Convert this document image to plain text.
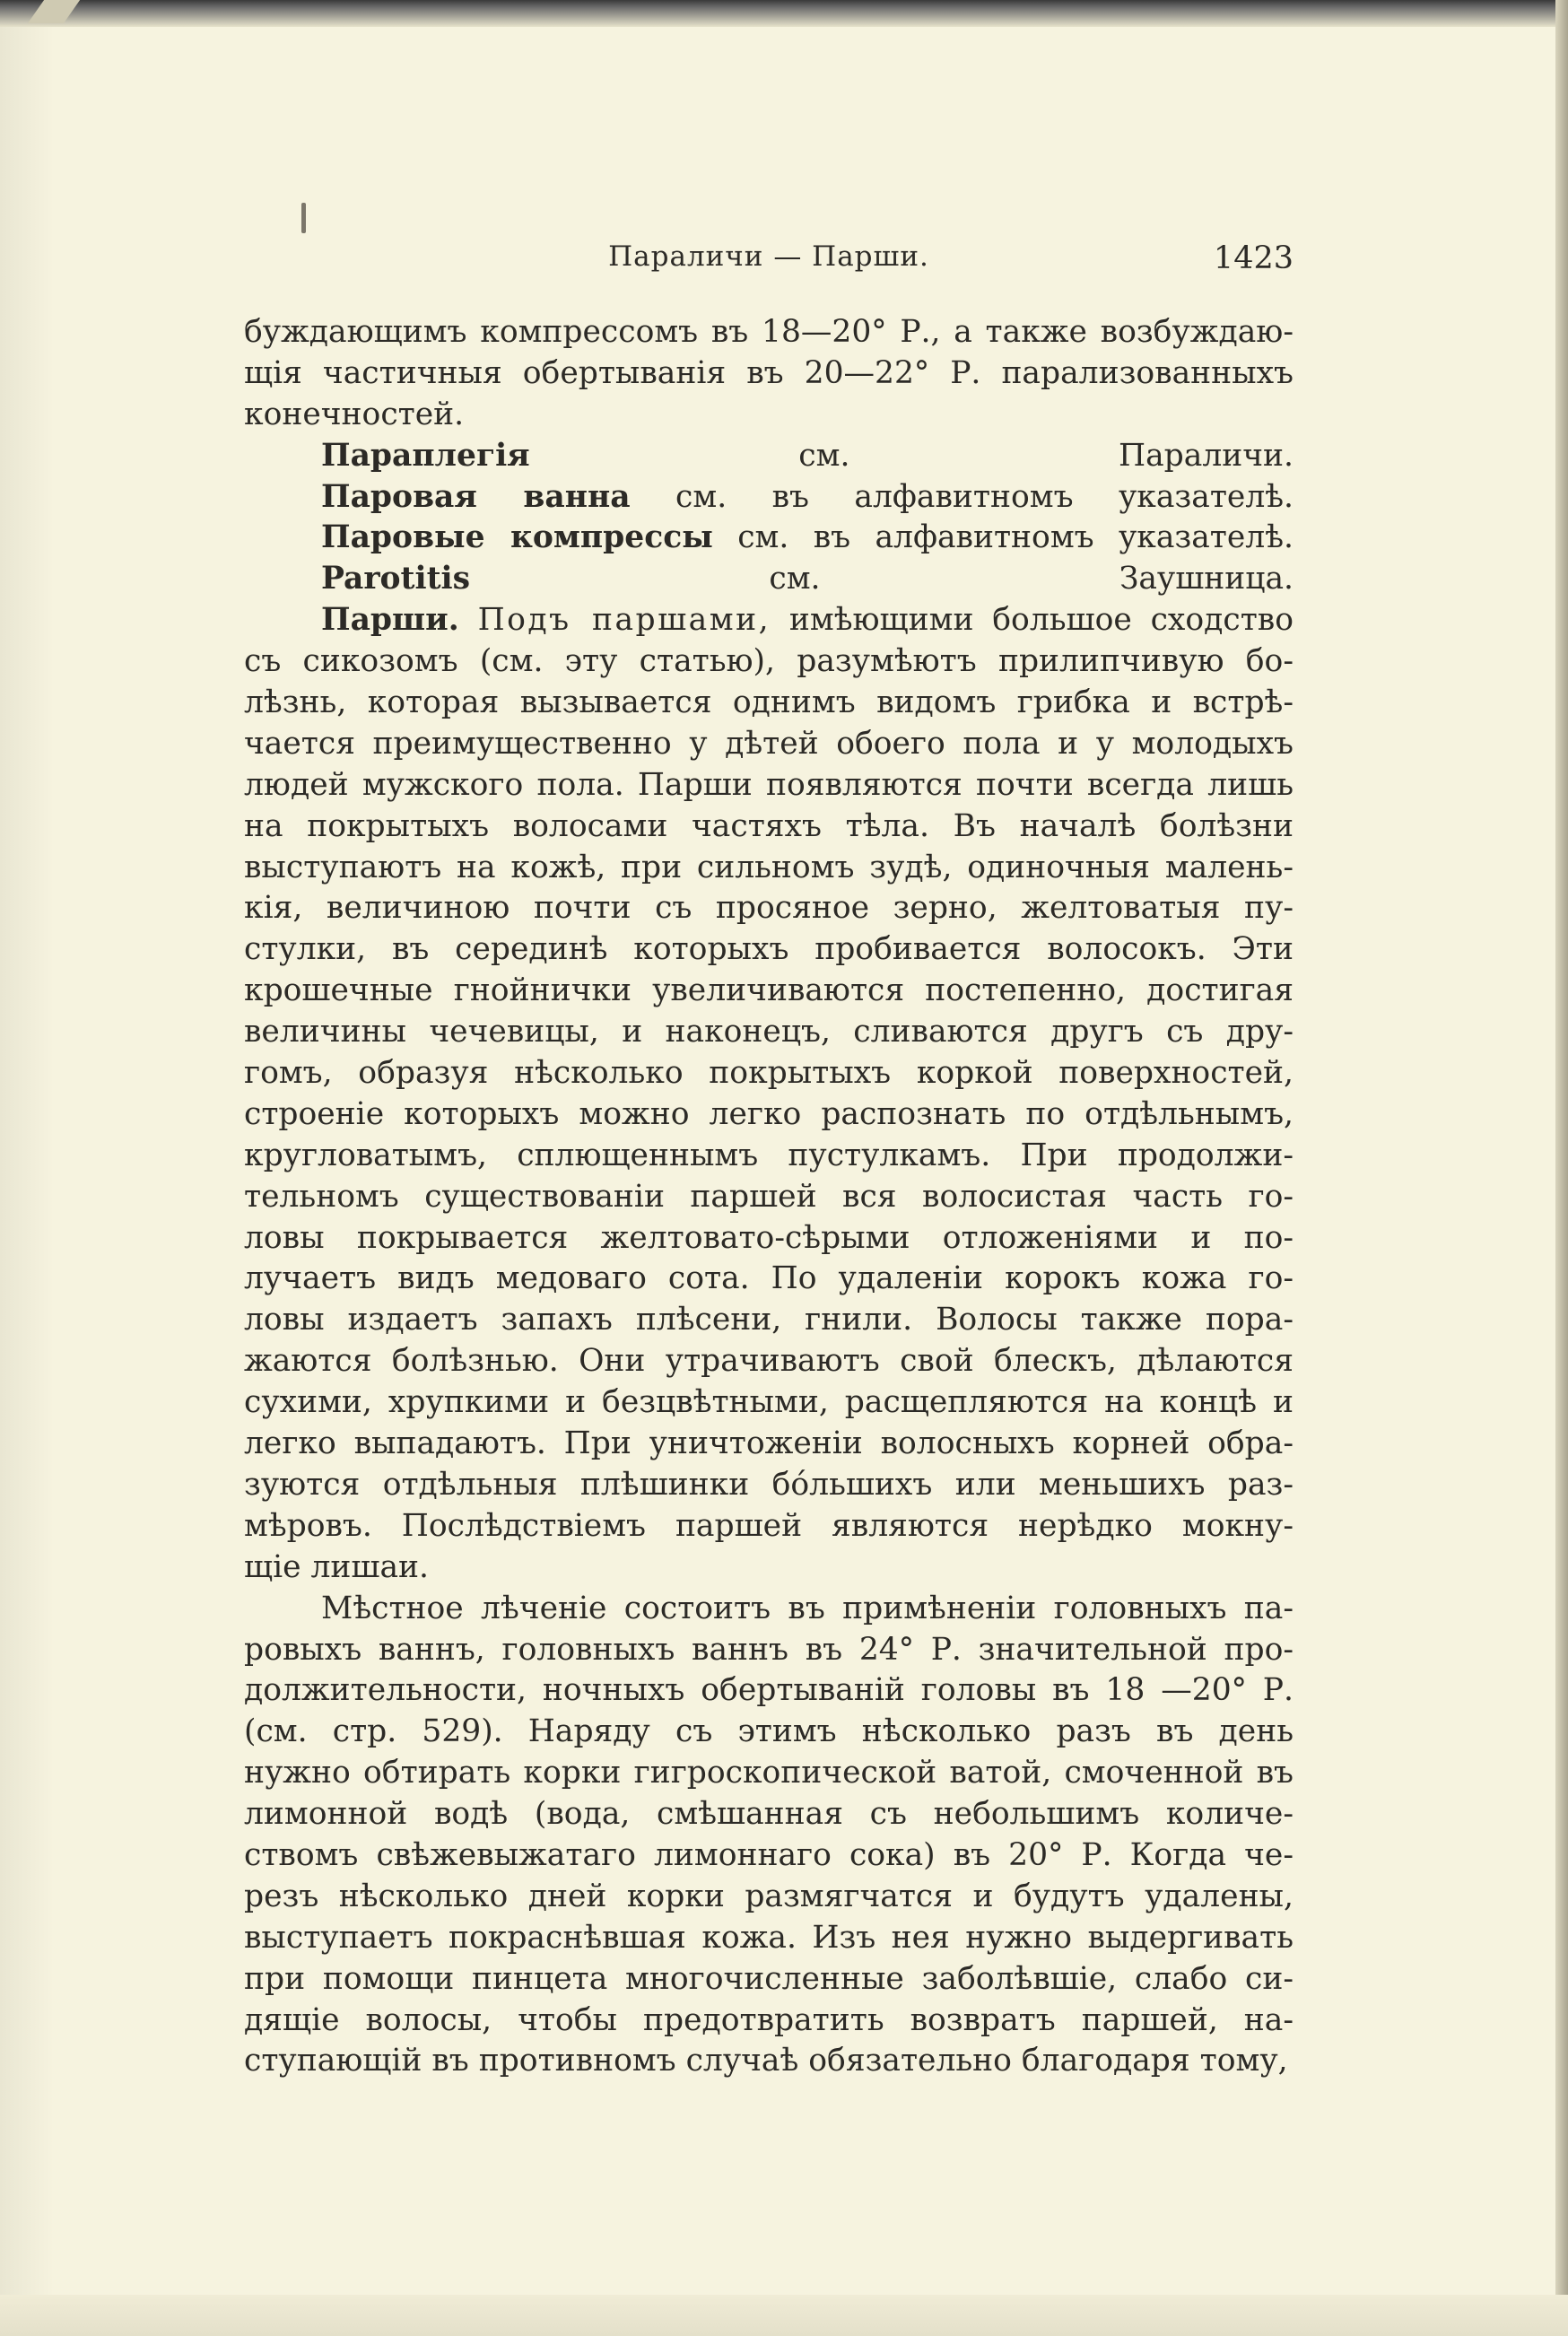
Параличи — Парши.	1423
буждающимъ компрессомъ въ 18—20° Р., а также возбуждаю-
щія частичныя обертыванія въ 20—22° Р. парализованныхъ
конечностей.
Параплегія см. Параличи.
Паровая ванна см. въ алфавитномъ указателѣ.
Паровые компрессы см. въ алфавитномъ указателѣ.
Parotitis см. Заушница.
Парши. Подъ паршами, имѣющими большое сходство
съ сикозомъ (см. эту статью), разумѣютъ прилипчивую бо-
лѣзнь, которая вызывается однимъ видомъ грибка и встрѣ-
чается преимущественно у дѣтей обоего пола и у молодыхъ
людей мужского пола. Парши появляются почти всегда лишь
на покрытыхъ волосами частяхъ тѣла. Въ началѣ болѣзни
выступаютъ на кожѣ, при сильномъ зудѣ, одиночныя малень-
кія, величиною почти съ просяное зерно, желтоватыя пу-
стулки, въ серединѣ которыхъ пробивается волосокъ. Эти
крошечные гнойнички увеличиваются постепенно, достигая
величины чечевицы, и наконецъ, сливаются другъ съ дру-
гомъ, образуя нѣсколько покрытыхъ коркой поверхностей,
строеніе которыхъ можно легко распознать по отдѣльнымъ,
кругловатымъ, сплющеннымъ пустулкамъ. При продолжи-
тельномъ существованіи паршей вся волосистая часть го-
ловы покрывается желтовато-сѣрыми отложеніями и по-
лучаетъ видъ медоваго сота. По удаленіи корокъ кожа го-
ловы издаетъ запахъ плѣсени, гнили. Волосы также пора-
жаются болѣзнью. Они утрачиваютъ свой блескъ, дѣлаются
сухими, хрупкими и безцвѣтными, расщепляются на концѣ и
легко выпадаютъ. При уничтоженіи волосныхъ корней обра-
зуются отдѣльныя плѣшинки бо́льшихъ или меньшихъ раз-
мѣровъ. Послѣдствіемъ паршей являются нерѣдко мокну-
щіе лишаи.
Мѣстное лѣченіе состоитъ въ примѣненіи головныхъ па-
ровыхъ ваннъ, головныхъ ваннъ въ 24° Р. значительной про-
должительности, ночныхъ обертываній головы въ 18 —20° Р.
(см. стр. 529). Наряду съ этимъ нѣсколько разъ въ день
нужно обтирать корки гигроскопической ватой, смоченной въ
лимонной водѣ (вода, смѣшанная съ небольшимъ количе-
ствомъ свѣжевыжатаго лимоннаго сока) въ 20° Р. Когда че-
резъ нѣсколько дней корки размягчатся и будутъ удалены,
выступаетъ покраснѣвшая кожа. Изъ нея нужно выдергивать
при помощи пинцета многочисленные заболѣвшіе, слабо си-
дящіе волосы, чтобы предотвратить возвратъ паршей, на-
ступающій въ противномъ случаѣ обязательно благодаря тому,
